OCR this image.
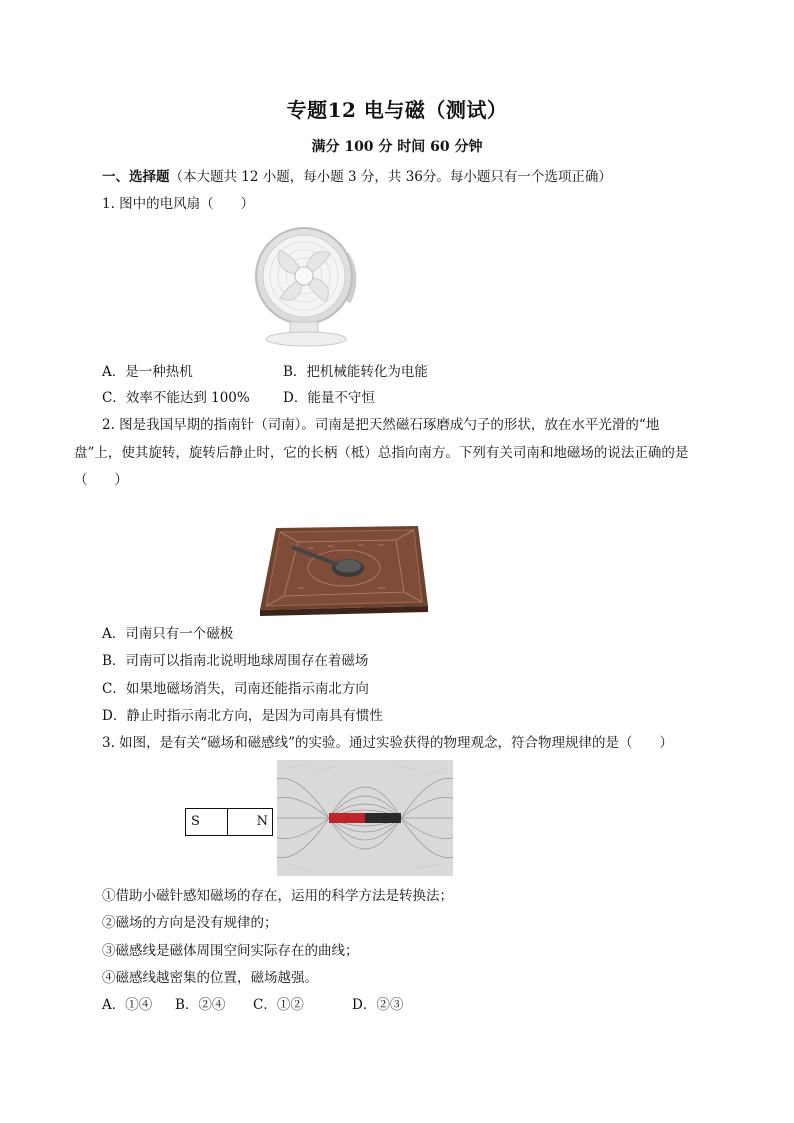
专题12 电与磁（测试）
满分 100 分 时间 60 分钟
一、选择题（本大题共 12 小题，每小题 3 分，共 36分。每小题只有一个选项正确）
1. 图中的电风扇（　　）
A．是一种热机	B．把机械能转化为电能
C．效率不能达到 100% D．能量不守恒
2. 图是我国早期的指南针（司南）。司南是把天然磁石琢磨成勺子的形状，放在水平光滑的“地
盘”上，使其旋转，旋转后静止时，它的长柄（柢）总指向南方。下列有关司南和地磁场的说法正确的是
（　　）
A．司南只有一个磁极
B．司南可以指南北说明地球周围存在着磁场
C．如果地磁场消失，司南还能指示南北方向
D．静止时指示南北方向，是因为司南具有惯性
3. 如图，是有关“磁场和磁感线”的实验。通过实验获得的物理观念，符合物理规律的是（　　）
S	N
①借助小磁针感知磁场的存在，运用的科学方法是转换法；
②磁场的方向是没有规律的；
③磁感线是磁体周围空间实际存在的曲线；
④磁感线越密集的位置，磁场越强。
A．①④ B．②④ C．①②	D．②③
